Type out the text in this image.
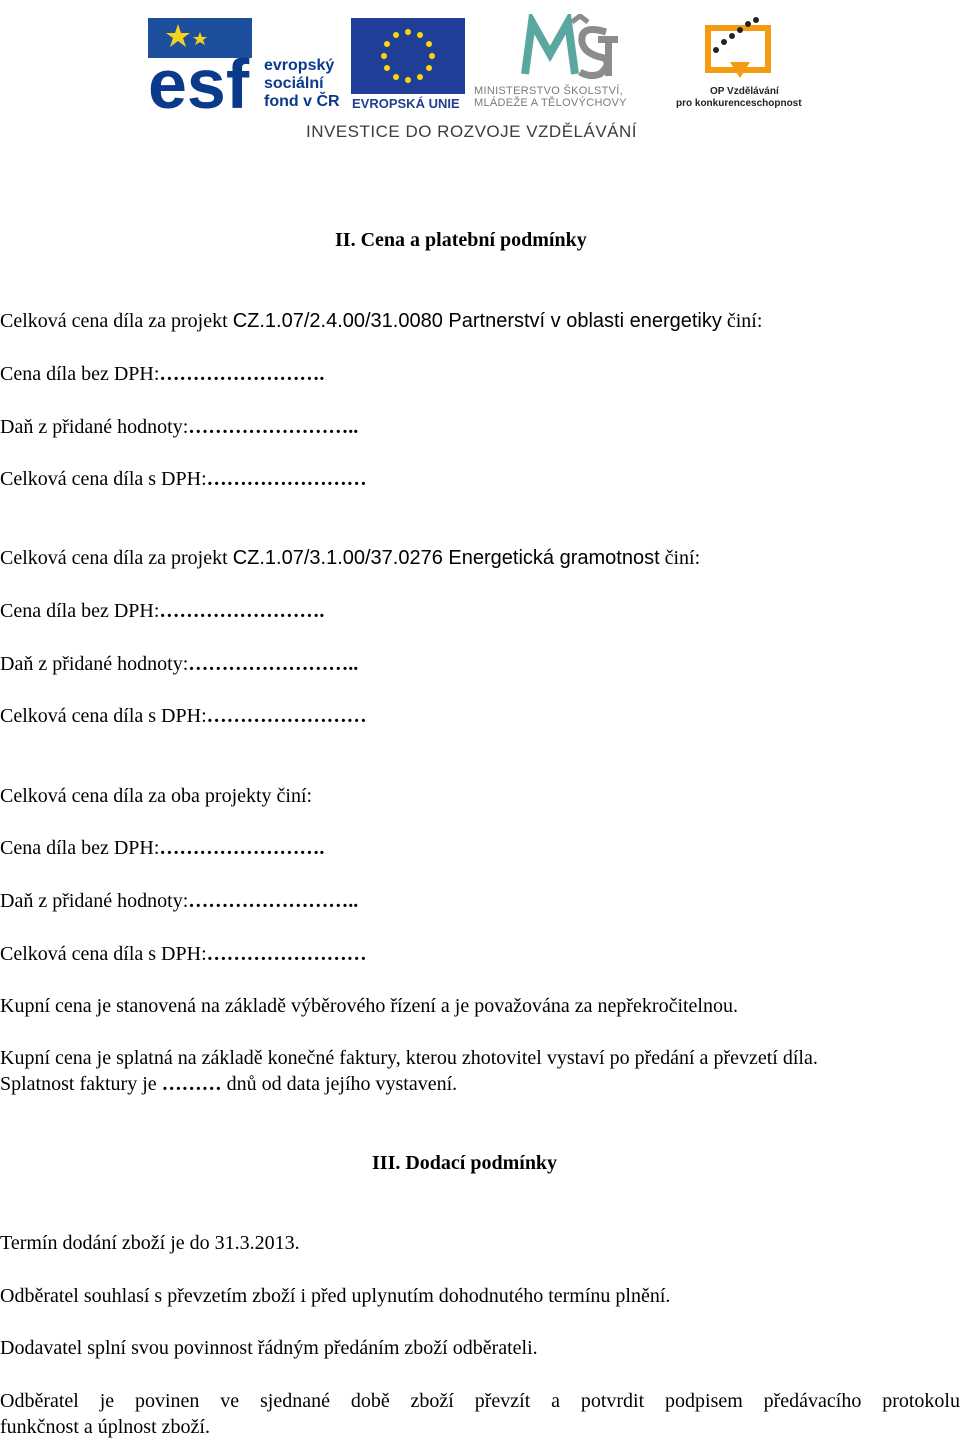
esf evropský
sociální
fond v ČR EVROPSKÁ UNIE
MINISTERSTVO ŠKOLSTVÍ,
MLÁDEŽE A TĚLOVÝCHOVY
OP Vzdělávání
pro konkurenceschopnost
INVESTICE DO ROZVOJE VZDĚLÁVÁNÍ
II. Cena a platební podmínky
Celková cena díla za projekt CZ.1.07/2.4.00/31.0080 Partnerství v oblasti energetiky činí:
Cena díla bez DPH:…………………….
Daň z přidané hodnoty:……………………..
Celková cena díla s DPH:……………………
Celková cena díla za projekt CZ.1.07/3.1.00/37.0276 Energetická gramotnost činí:
Cena díla bez DPH:…………………….
Daň z přidané hodnoty:……………………..
Celková cena díla s DPH:……………………
Celková cena díla za oba projekty činí:
Cena díla bez DPH:…………………….
Daň z přidané hodnoty:……………………..
Celková cena díla s DPH:……………………
Kupní cena je stanovená na základě výběrového řízení a je považována za nepřekročitelnou.
Kupní cena je splatná na základě konečné faktury, kterou zhotovitel vystaví po předání a převzetí díla.
Splatnost faktury je ……… dnů od data jejího vystavení.
III. Dodací podmínky
Termín dodání zboží je do 31.3.2013.
Odběratel souhlasí s převzetím zboží i před uplynutím dohodnutého termínu plnění.
Dodavatel splní svou povinnost řádným předáním zboží odběrateli.
Odběratel je povinen ve sjednané době zboží převzít a potvrdit podpisem předávacího protokolu
funkčnost a úplnost zboží.
